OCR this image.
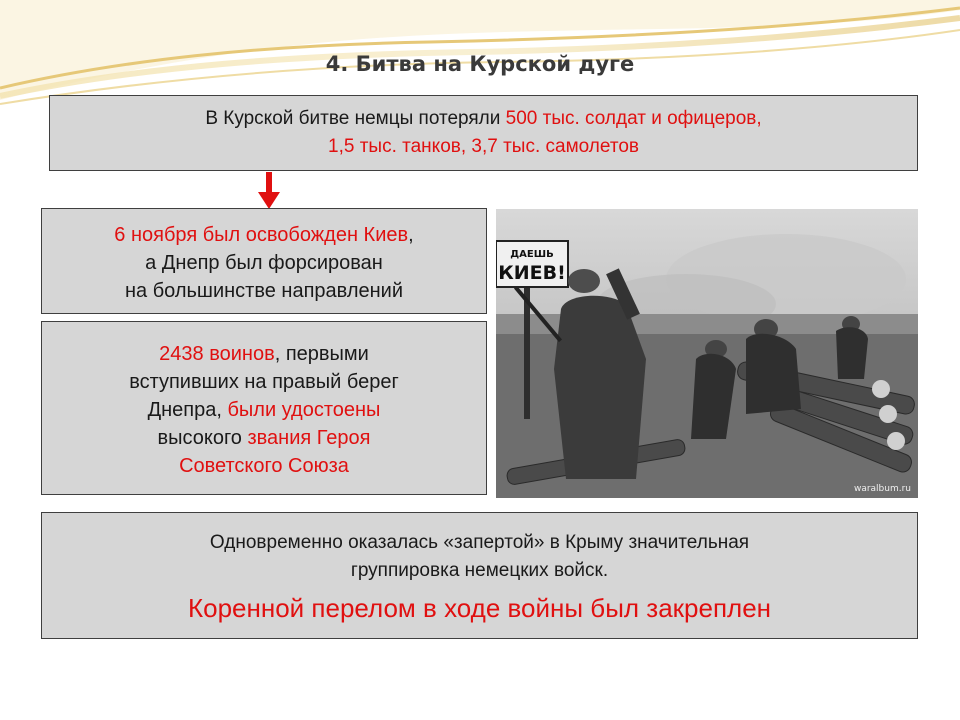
4. Битва на Курской дуге
В Курской битве немцы потеряли 500 тыс. солдат и офицеров,
1,5 тыс. танков, 3,7 тыс. самолетов
6 ноября был освобожден Киев,
а Днепр был форсирован
на большинстве направлений
2438 воинов, первыми
вступивших на правый берег
Днепра, были удостоены
высокого звания Героя
Советского Союза
ДАЕШЬ
КИЕВ!
waralbum.ru
Одновременно оказалась «запертой» в Крыму значительная
группировка немецких войск.
Коренной перелом в ходе войны был закреплен
